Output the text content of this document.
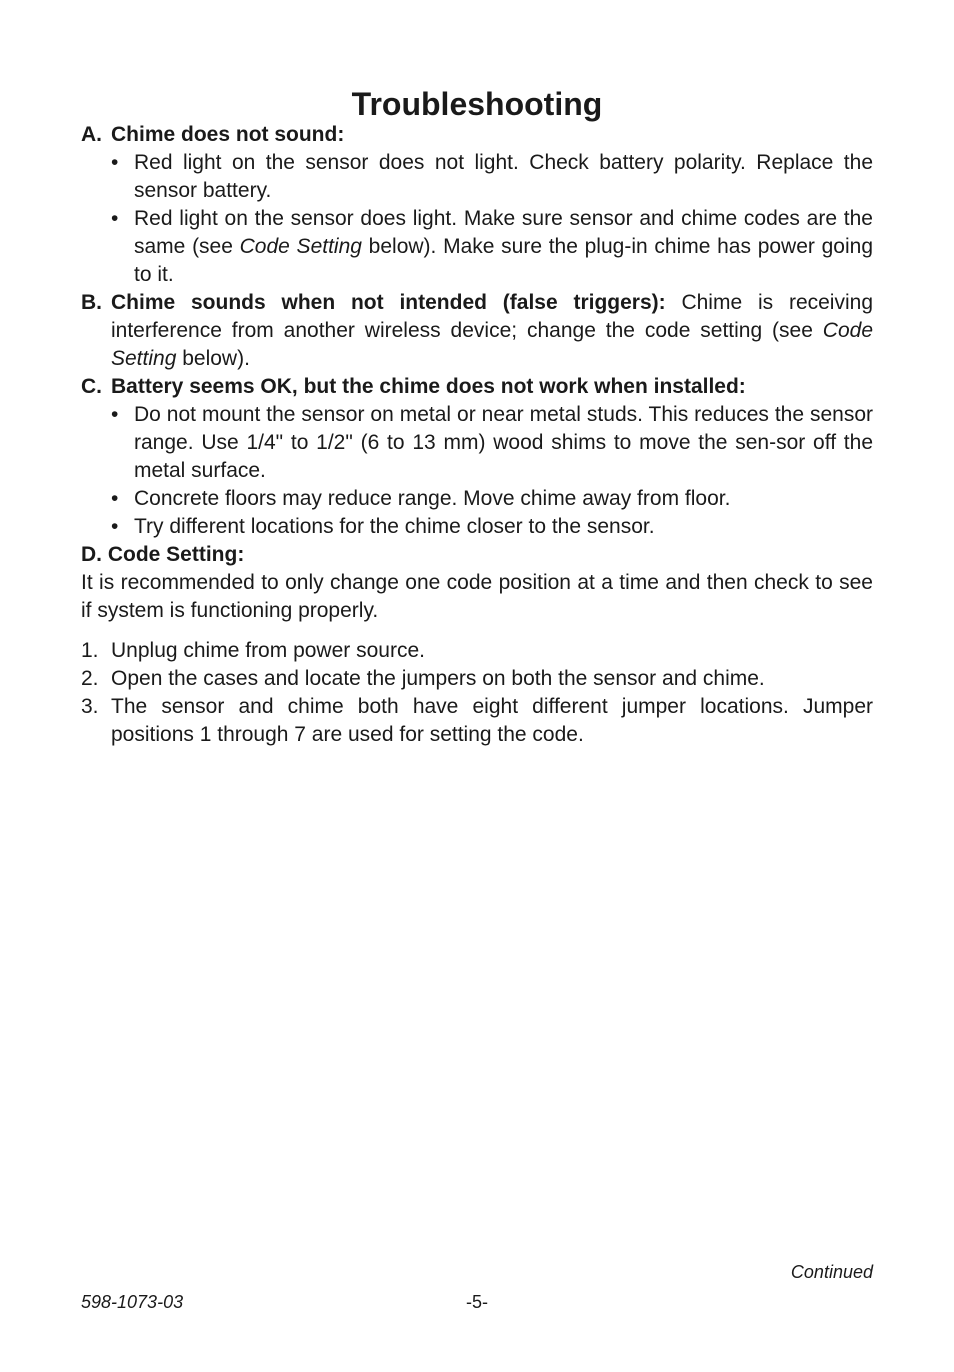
Troubleshooting
A. Chime does not sound:
• Red light on the sensor does not light. Check battery polarity. Replace the sensor battery.
• Red light on the sensor does light. Make sure sensor and chime codes are the same (see Code Setting below). Make sure the plug-in chime has power going to it.
B. Chime sounds when not intended (false triggers): Chime is receiving interference from another wireless device; change the code setting (see Code Setting below).
C. Battery seems OK, but the chime does not work when installed:
• Do not mount the sensor on metal or near metal studs. This reduces the sensor range. Use 1/4" to 1/2" (6 to 13 mm) wood shims to move the sen-sor off the metal surface.
• Concrete floors may reduce range. Move chime away from floor.
• Try different locations for the chime closer to the sensor.
D.
Code Setting:
It is recommended to only change one code position at a time and then check to see if system is functioning properly.
1. Unplug chime from power source.
2. Open the cases and locate the jumpers on both the sensor and chime.
3. The sensor and chime both have eight different jumper locations. Jumper positions 1 through 7 are used for setting the code.
Continued
598-1073-03	-5-
